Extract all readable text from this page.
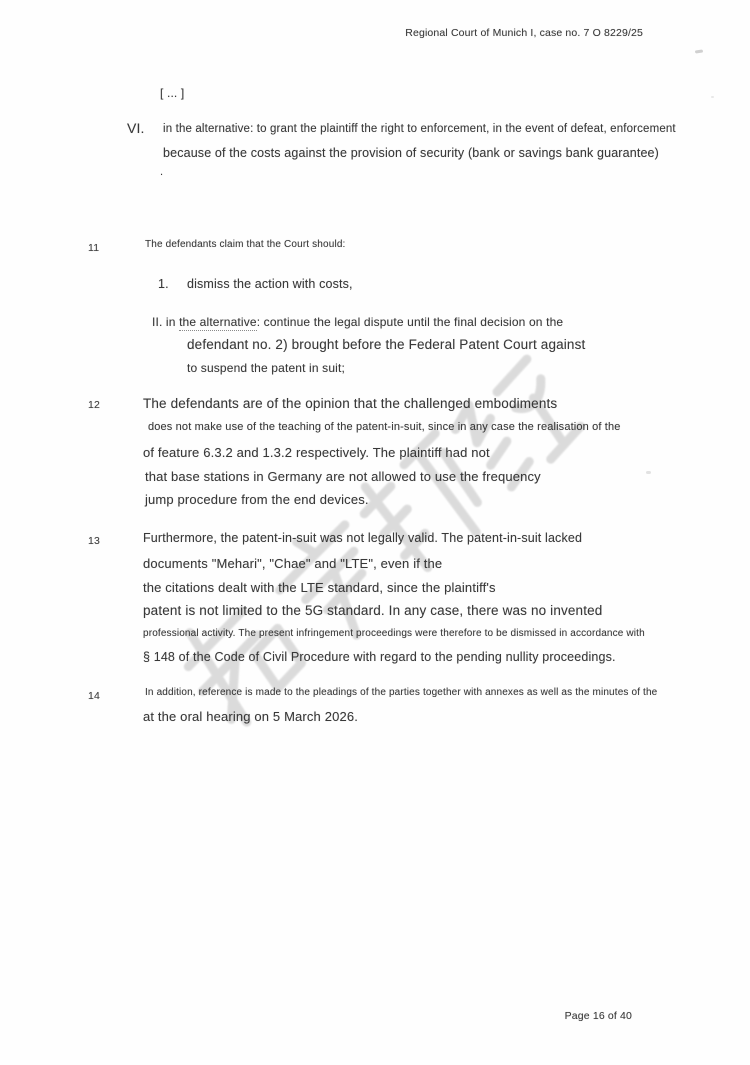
Regional Court of Munich I, case no. 7 O 8229/25
[ ... ]
VI. in the alternative: to grant the plaintiff the right to enforcement, in the event of defeat, enforcement
because of the costs against the provision of security (bank or savings bank guarantee)
.
11	The defendants claim that the Court should:
1. dismiss the action with costs,
II. in the alternative: continue the legal dispute until the final decision on the
defendant no. 2) brought before the Federal Patent Court against
to suspend the patent in suit;
12	The defendants are of the opinion that the challenged embodiments
does not make use of the teaching of the patent-in-suit, since in any case the realisation of the
of feature 6.3.2 and 1.3.2 respectively. The plaintiff had not
that base stations in Germany are not allowed to use the frequency
jump procedure from the end devices.
13	Furthermore, the patent-in-suit was not legally valid. The patent-in-suit lacked
documents "Mehari", "Chae" and "LTE", even if the
the citations dealt with the LTE standard, since the plaintiff's
patent is not limited to the 5G standard. In any case, there was no invented
professional activity. The present infringement proceedings were therefore to be dismissed in accordance with
§ 148 of the Code of Civil Procedure with regard to the pending nullity proceedings.
14	In addition, reference is made to the pleadings of the parties together with annexes as well as the minutes of the
at the oral hearing on 5 March 2026.
Page 16 of 40
